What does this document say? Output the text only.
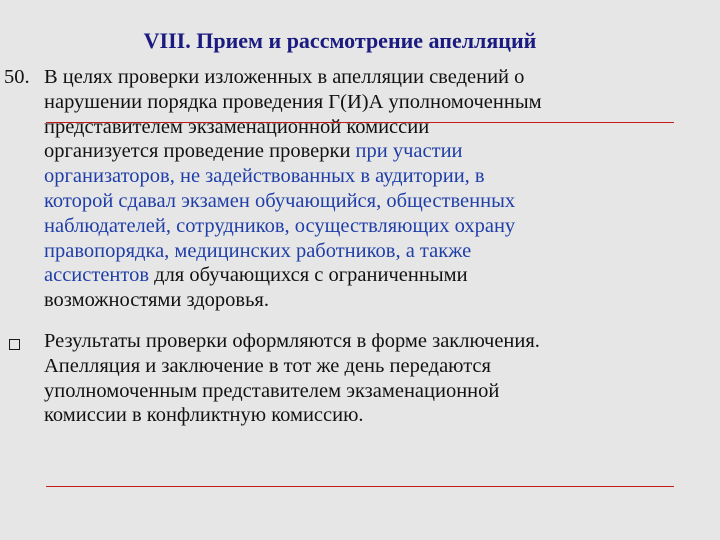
VIII. Прием и рассмотрение апелляций
50. В целях проверки изложенных в апелляции сведений о
нарушении порядка проведения Г(И)А уполномоченным
представителем экзаменационной комиссии
организуется проведение проверки при участии
организаторов, не задействованных в аудитории, в
которой сдавал экзамен обучающийся, общественных
наблюдателей, сотрудников, осуществляющих охрану
правопорядка, медицинских работников, а также
ассистентов для обучающихся с ограниченными
возможностями здоровья.
Результаты проверки оформляются в форме заключения.
Апелляция и заключение в тот же день передаются
уполномоченным представителем экзаменационной
комиссии в конфликтную комиссию.
